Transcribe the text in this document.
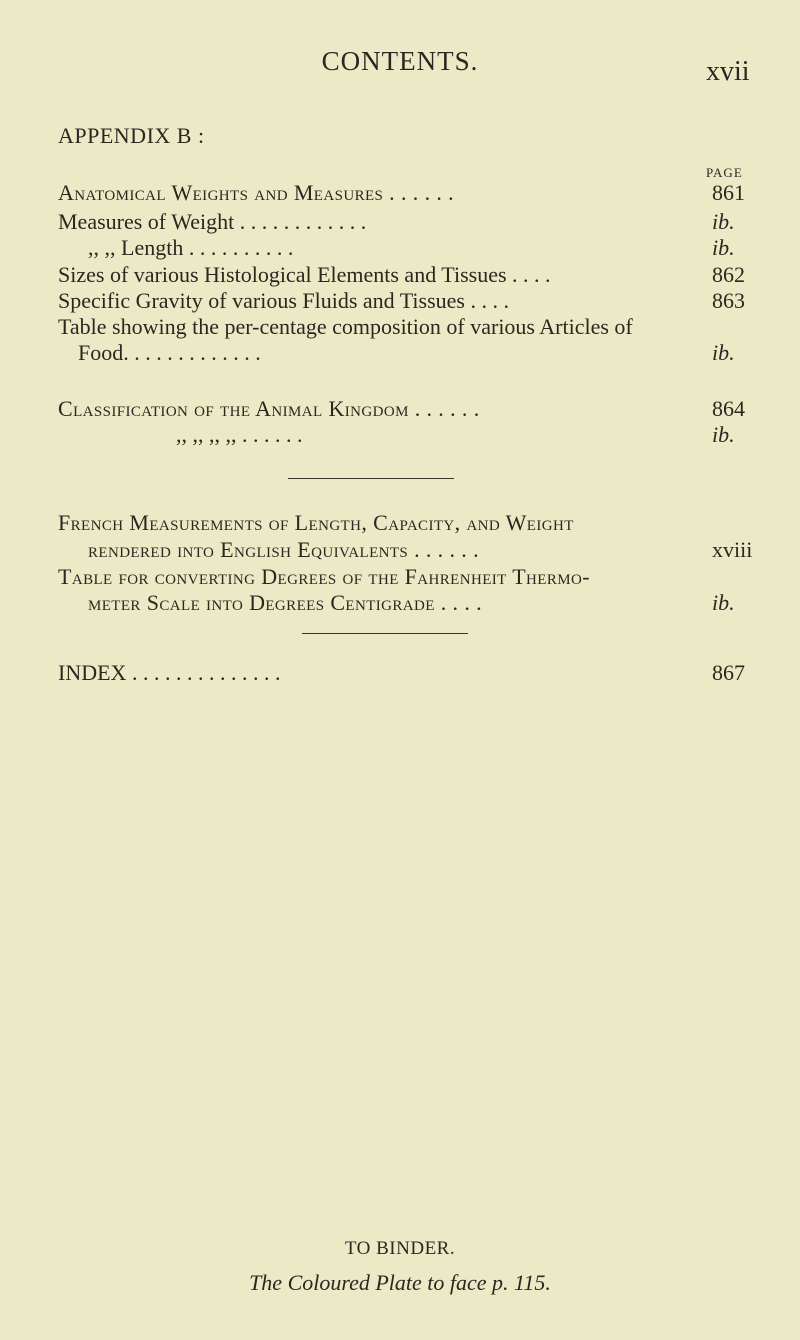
CONTENTS.	xvii
APPENDIX B :
PAGE
Anatomical Weights and Measures . . . . . .	861
Measures of Weight . . . . . . . . . . . .	ib.
,, ,, Length . . . . . . . . . .	ib.
Sizes of various Histological Elements and Tissues . . . .	862
Specific Gravity of various Fluids and Tissues . . . .	863
Table showing the per-centage composition of various Articles of
Food. . . . . . . . . . . . .	ib.
Classification of the Animal Kingdom . . . . . .	864
,, ,, ,, ,, . . . . . .	ib.
French Measurements of Length, Capacity, and Weight
rendered into English Equivalents . . . . . .	xviii
Table for converting Degrees of the Fahrenheit Thermo-
meter Scale into Degrees Centigrade . . . .	ib.
INDEX . . . . . . . . . . . . . .	867
TO BINDER.
The Coloured Plate to face p. 115.
